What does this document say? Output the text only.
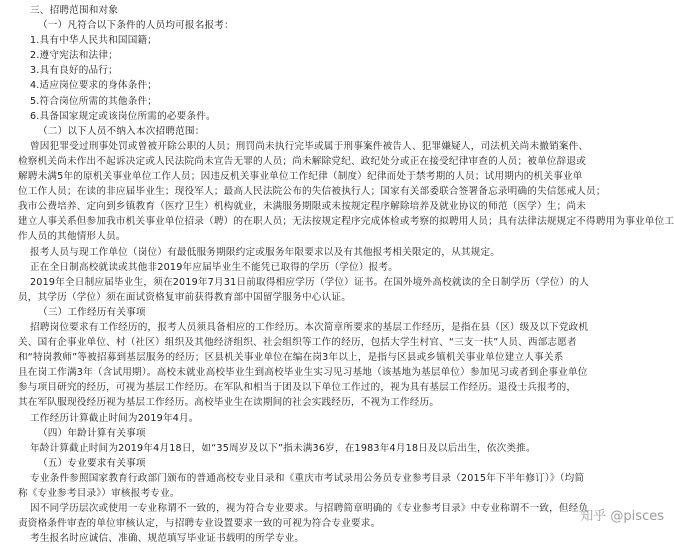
三、招聘范围和对象
（一）凡符合以下条件的人员均可报名报考：
1.具有中华人民共和国国籍；
2.遵守宪法和法律；
3.具有良好的品行；
4.适应岗位要求的身体条件；
5.符合岗位所需的其他条件；
6.具备国家规定或该岗位所需的必要条件。
（二）以下人员不纳入本次招聘范围：
曾因犯罪受过刑事处罚或曾被开除公职的人员；刑罚尚未执行完毕或属于刑事案件被告人、犯罪嫌疑人，司法机关尚未撤销案件、
检察机关尚未作出不起诉决定或人民法院尚未宣告无罪的人员；尚未解除党纪、政纪处分或正在接受纪律审查的人员；被单位辞退或
解聘未满5年的原机关事业单位工作人员；因违反机关事业单位工作纪律（制度）纪律而处于禁考期的人员；试用期内的机关事业单
位工作人员；在读的非应届毕业生；现役军人；最高人民法院公布的失信被执行人；国家有关部委联合签署备忘录明确的失信惩戒人员；
我市公费培养、定向到乡镇教育（医疗卫生）机构就业，未满服务期限或未按规定程序解除培养及就业协议的师范（医学）生；尚未
建立人事关系但参加我市机关事业单位招录（聘）的在职人员；无法按规定程序完成体检或考察的拟聘用人员；具有法律法规规定不得聘用为事业单位工
作人员的其他情形人员。
报考人员与现工作单位（岗位）有最低服务期限约定或服务年限要求以及有其他报考相关限定的，从其规定。
正在全日制高校就读或其他非2019年应届毕业生不能凭已取得的学历（学位）报考。
2019年全日制应届毕业生，须在2019年7月31日前取得相应学历（学位）证书。在国外境外高校就读的全日制学历（学位）的人
员，其学历（学位）须在面试资格复审前获得教育部中国留学服务中心认证。
（三）工作经历有关事项
招聘岗位要求有工作经历的，报考人员须具备相应的工作经历。本次简章所要求的基层工作经历，是指在县（区）级及以下党政机
关、国有企事业单位、村（社区）组织及其他经济组织、社会组织等工作的经历，包括大学生村官、“三支一扶”人员、西部志愿者
和“特岗教师”等被招募到基层服务的经历；区县机关事业单位在编在岗3年以上，是指与区县或乡镇机关事业单位建立人事关系
且在岗工作满3年（含试用期）。高校未就业高校毕业生到高校毕业生实习见习基地（该基地为基层单位）参加见习或者到企事业单位
参与项目研究的经历，可视为基层工作经历。在军队和相当于团及以下单位工作过的，视为具有基层工作经历。退役士兵报考的，
其在军队服现役经历视为基层工作经历。高校毕业生在读期间的社会实践经历，不视为工作经历。
工作经历计算截止时间为2019年4月。
（四）年龄计算有关事项
年龄计算截止时间为2019年4月18日，如“35周岁及以下”指未满36岁，在1983年4月18日及以后出生，依次类推。
（五）专业要求有关事项
专业条件参照国家教育行政部门颁布的普通高校专业目录和《重庆市考试录用公务员专业参考目录（2015年下半年修订）》（均简
称《专业参考目录》）审核报考专业。
因不同学历层次或使用一专业称谓不一致的，视为符合专业要求。与招聘简章明确的《专业参考目录》中专业称谓不一致，但经负
责资格条件审查的单位审核认定，与招聘专业设置要求一致的可视为符合专业要求。
考生报名时应诚信、准确、规范填写毕业证书载明的所学专业。
知乎 @pisces
